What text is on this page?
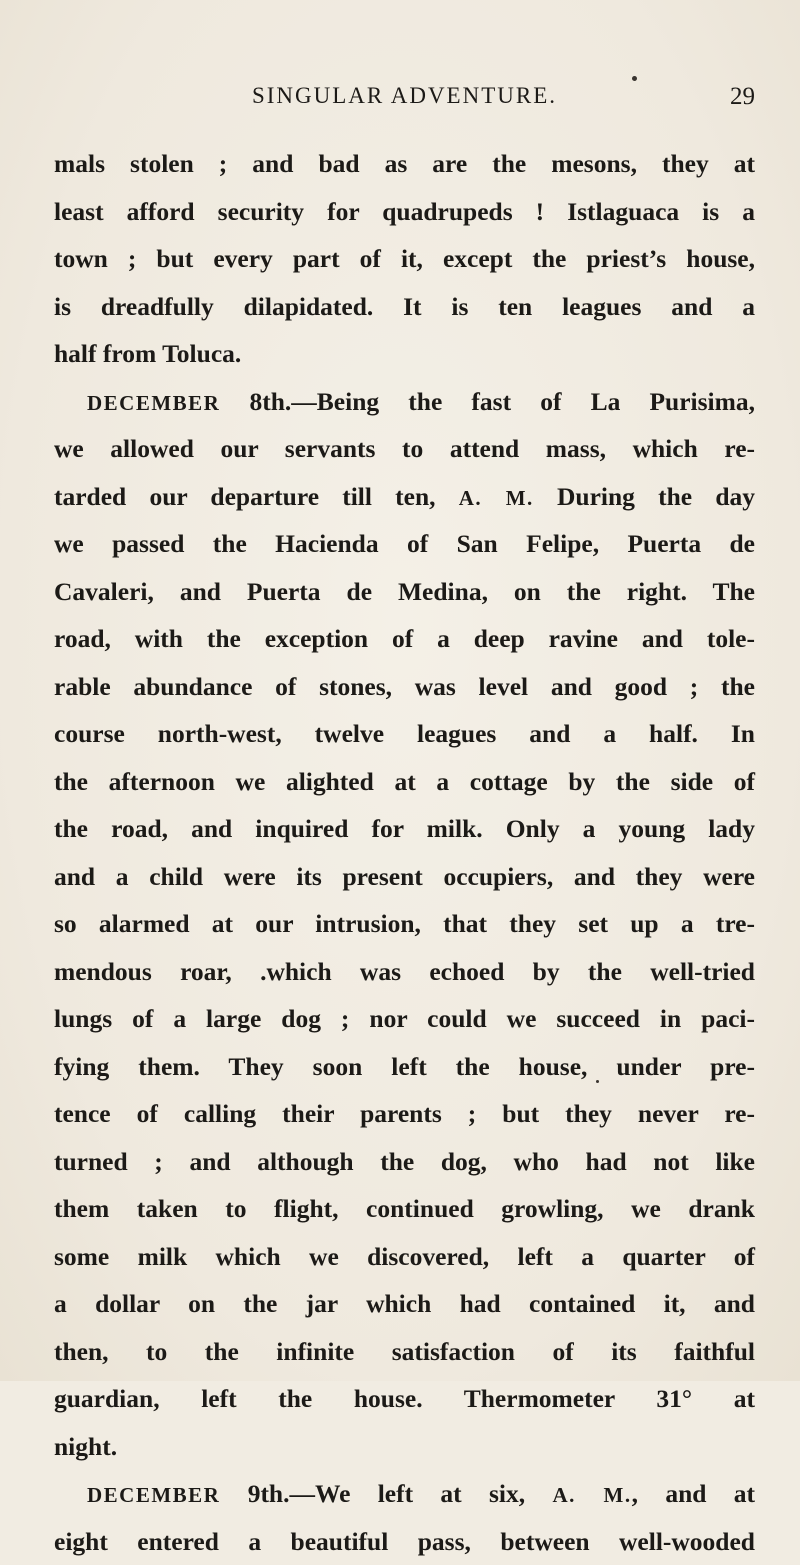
SINGULAR ADVENTURE.	29
mals stolen ; and bad as are the mesons, they at
least afford security for quadrupeds ! Istlaguaca is a
town ; but every part of it, except the priest’s house,
is dreadfully dilapidated. It is ten leagues and a
half from Toluca.
DECEMBER 8th.—Being the fast of La Purisima,
we allowed our servants to attend mass, which re-
tarded our departure till ten, A. M. During the day
we passed the Hacienda of San Felipe, Puerta de
Cavaleri, and Puerta de Medina, on the right. The
road, with the exception of a deep ravine and tole-
rable abundance of stones, was level and good ; the
course north-west, twelve leagues and a half. In
the afternoon we alighted at a cottage by the side of
the road, and inquired for milk. Only a young lady
and a child were its present occupiers, and they were
so alarmed at our intrusion, that they set up a tre-
mendous roar, .which was echoed by the well-tried
lungs of a large dog ; nor could we succeed in paci-
fying them. They soon left the house, under pre-
tence of calling their parents ; but they never re-
turned ; and although the dog, who had not like
them taken to flight, continued growling, we drank
some milk which we discovered, left a quarter of
a dollar on the jar which had contained it, and
then, to the infinite satisfaction of its faithful
guardian, left the house. Thermometer 31° at
night.
DECEMBER 9th.—We left at six, A. M., and at
eight entered a beautiful pass, between well-wooded
